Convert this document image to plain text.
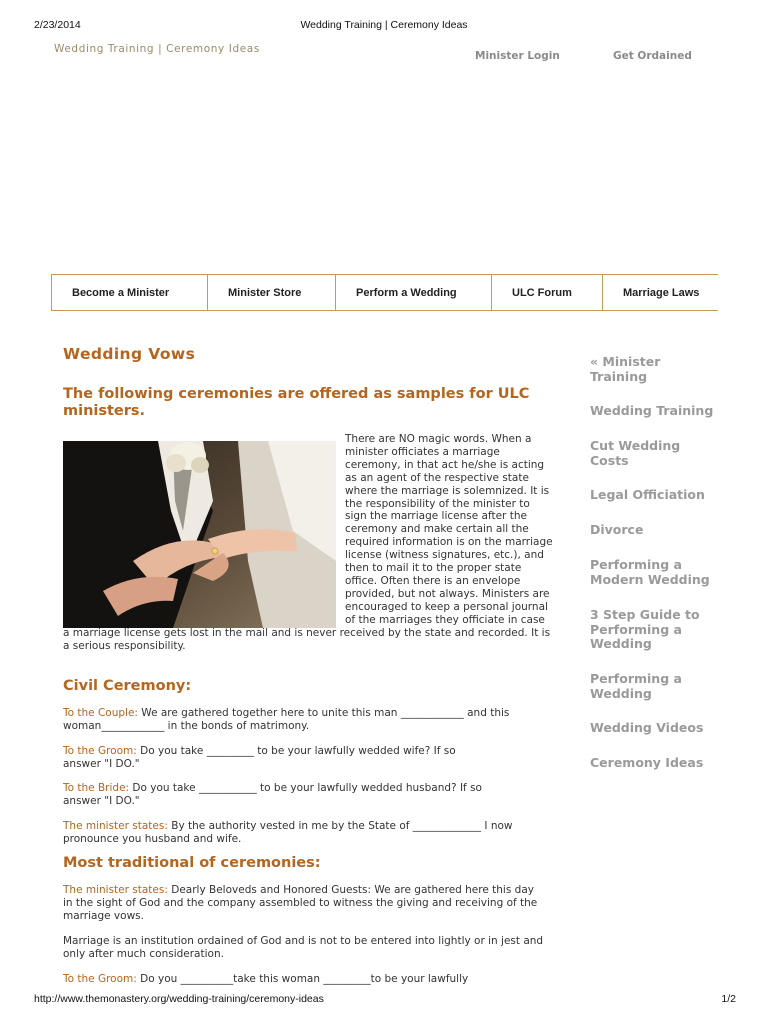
2/23/2014	Wedding Training | Ceremony Ideas
Wedding Training | Ceremony Ideas
Minister Login	Get Ordained
Become a Minister	Minister Store	Perform a Wedding	ULC Forum	Marriage Laws
Wedding Vows
The following ceremonies are offered as samples for ULC ministers.

There are NO magic words. When a minister officiates a marriage ceremony, in that act he/she is acting as an agent of the respective state where the marriage is solemnized. It is the responsibility of the minister to sign the marriage license after the ceremony and make certain all the required information is on the marriage license (witness signatures, etc.), and then to mail it to the proper state office. Often there is an envelope provided, but not always. Ministers are encouraged to keep a personal journal of the marriages they officiate in case a marriage license gets lost in the mail and is never received by the state and recorded. It is a serious responsibility.

Civil Ceremony:

To the Couple: We are gathered together here to unite this man ____________ and this woman____________ in the bonds of matrimony.

To the Groom: Do you take _________ to be your lawfully wedded wife? If so answer "I DO."

To the Bride: Do you take ___________ to be your lawfully wedded husband? If so answer "I DO."

The minister states: By the authority vested in me by the State of _____________ I now pronounce you husband and wife.

Most traditional of ceremonies:

The minister states: Dearly Beloveds and Honored Guests: We are gathered here this day in the sight of God and the company assembled to witness the giving and receiving of the marriage vows.

Marriage is an institution ordained of God and is not to be entered into lightly or in jest and only after much consideration.

To the Groom: Do you __________take this woman _________to be your lawfully

« Minister Training
Wedding Training
Cut Wedding Costs
Legal Officiation
Divorce
Performing a Modern Wedding
3 Step Guide to Performing a Wedding
Performing a Wedding
Wedding Videos
Ceremony Ideas
http://www.themonastery.org/wedding-training/ceremony-ideas	1/2
